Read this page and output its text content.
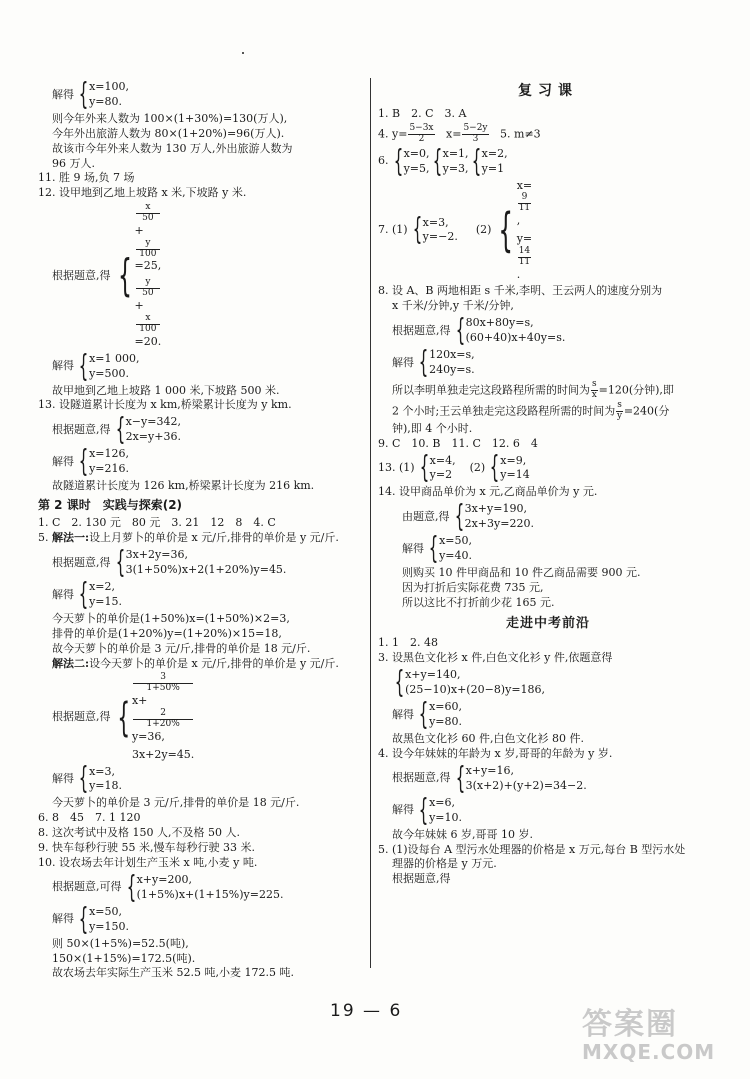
解得 { x=100,
y=80.

则今年外来人数为 100×(1+30%)=130(万人),

今年外出旅游人数为 80×(1+20%)=96(万人).

故该市今年外来人数为 130 万人,外出旅游人数为

96 万人.

11. 胜 9 场,负 7 场

12. 设甲地到乙地上坡路 x 米,下坡路 y 米.

根据题意,得 {
x
50
+
y
100
=25,
y
50
+
x
100
=20.
解得 { x=1 000,
y=500.

故甲地到乙地上坡路 1 000 米,下坡路 500 米.

13. 设隧道累计长度为 x km,桥梁累计长度为 y km.

根据题意,得 { x−y=342,
2x=y+36.
解得 { x=126,
y=216.

故隧道累计长度为 126 km,桥梁累计长度为 216 km.

第 2 课时　实践与探索(2)

1. C　2. 130 元　80 元　3. 21　12　8　4. C

5. 解法一:设上月萝卜的单价是 x 元/斤,排骨的单价是 y 元/斤.

根据题意,得 { 3x+2y=36,
3(1+50%)x+2(1+20%)y=45.
解得 { x=2,
y=15.

今天萝卜的单价是(1+50%)x=(1+50%)×2=3,

排骨的单价是(1+20%)y=(1+20%)×15=18,

故今天萝卜的单价是 3 元/斤,排骨的单价是 18 元/斤.

解法二:设今天萝卜的单价是 x 元/斤,排骨的单价是 y 元/斤.

根据题意,得 {
3
1+50%
x+
2
1+20%
y=36,
3x+2y=45.
解得 { x=3,
y=18.

今天萝卜的单价是 3 元/斤,排骨的单价是 18 元/斤.

6. 8　45　7. 1 120

8. 这次考试中及格 150 人,不及格 50 人.

9. 快车每秒行驶 55 米,慢车每秒行驶 33 米.

10. 设农场去年计划生产玉米 x 吨,小麦 y 吨.

根据题意,可得 { x+y=200,
(1+5%)x+(1+15%)y=225.
解得 { x=50,
y=150.

则 50×(1+5%)=52.5(吨),

150×(1+15%)=172.5(吨).

故农场去年实际生产玉米 52.5 吨,小麦 172.5 吨.

复习课

1. B　2. C　3. A

4. $y= \frac{5-3x}{2} x= \frac{5-2y}{3} 5$. m≠3

6. { x=0,
y=5, { x=1,
y=3, { x=2,
y=1
7. (1) { x=3,
y=−2.
(2) {
x=
9
11
,
y=
14
11
.

8. 设 A、B 两地相距 s 千米,李明、王云两人的速度分别为

x 千米/分钟,y 千米/分钟,

根据题意,得 { 80x+80y=s,
(60+40)x+40y=s.
解得 { 120x=s,
240y=s.

所以李明单独走完这段路程所需的时间为 $\frac{s}{x} =120$(分钟),即

2 个小时;王云单独走完这段路程所需的时间为 $\frac{s}{y} =240$(分

钟),即 4 个小时.

9. C　10. B　11. C　12. 6　4

13. (1) { x=4,
y=2
(2) { x=9,
y=14

14. 设甲商品单价为 x 元,乙商品单价为 y 元.

由题意,得 { 3x+y=190,
2x+3y=220.
解得 { x=50,
y=40.

则购买 10 件甲商品和 10 件乙商品需要 900 元.

因为打折后实际花费 735 元,

所以这比不打折前少花 165 元.

走进中考前沿

1. 1　2. 48

3. 设黑色文化衫 x 件,白色文化衫 y 件,依题意得

{ x+y=140,
(25−10)x+(20−8)y=186,
解得 { x=60,
y=80.

故黑色文化衫 60 件,白色文化衫 80 件.

4. 设今年妹妹的年龄为 x 岁,哥哥的年龄为 y 岁.

根据题意,得 { x+y=16,
3(x+2)+(y+2)=34−2.
解得 { x=6,
y=10.

故今年妹妹 6 岁,哥哥 10 岁.

5. (1)设每台 A 型污水处理器的价格是 x 万元,每台 B 型污水处

理器的价格是 y 万元.

根据题意,得

19 — 6	答案圈
MXQE.COM
